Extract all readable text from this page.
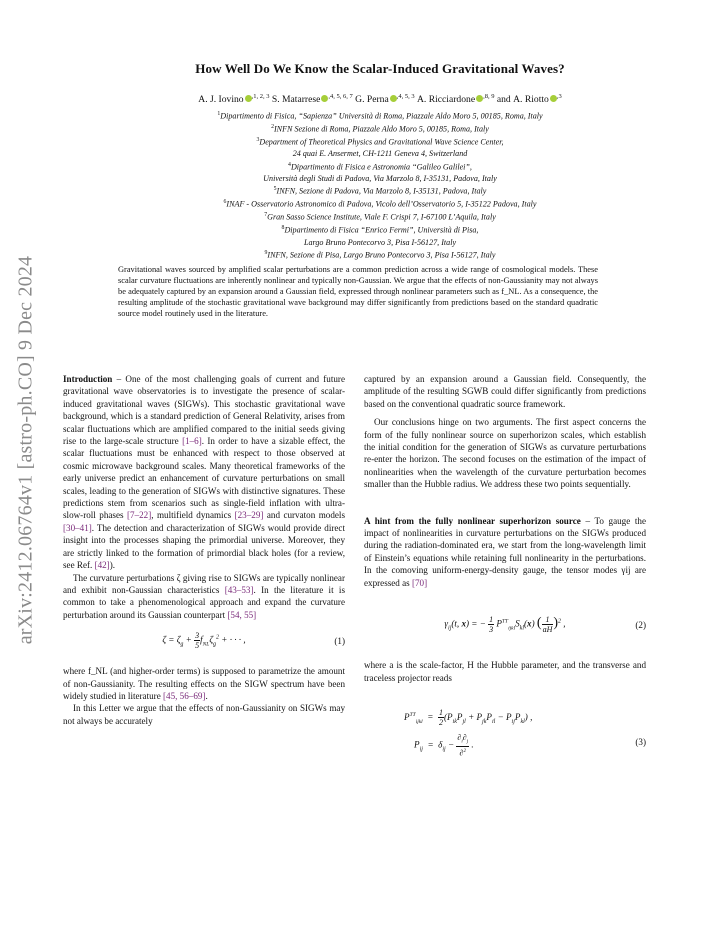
arXiv:2412.06764v1 [astro-ph.CO] 9 Dec 2024
How Well Do We Know the Scalar-Induced Gravitational Waves?
A. J. Iovino $^{,1, 2, 3}$ S. Matarrese $^{,4, 5, 6, 7}$ G. Perna $^{,4, 5, 3}$ A. Ricciardone $^{,8, 9}$ and A. Riotto $^{,3}$
$^1$Dipartimento di Fisica, “Sapienza” Università di Roma, Piazzale Aldo Moro 5, 00185, Roma, Italy
$^2$INFN Sezione di Roma, Piazzale Aldo Moro 5, 00185, Roma, Italy
$^3$Department of Theoretical Physics and Gravitational Wave Science Center,
24 quai E. Ansermet, CH-1211 Geneva 4, Switzerland
$^4$Dipartimento di Fisica e Astronomia “Galileo Galilei”,
Università degli Studi di Padova, Via Marzolo 8, I-35131, Padova, Italy
$^5$INFN, Sezione di Padova, Via Marzolo 8, I-35131, Padova, Italy
$^6$INAF - Osservatorio Astronomico di Padova, Vicolo dell’Osservatorio 5, I-35122 Padova, Italy
$^7$Gran Sasso Science Institute, Viale F. Crispi 7, I-67100 L’Aquila, Italy
$^8$Dipartimento di Fisica “Enrico Fermi”, Università di Pisa,
Largo Bruno Pontecorvo 3, Pisa I-56127, Italy
$^9$INFN, Sezione di Pisa, Largo Bruno Pontecorvo 3, Pisa I-56127, Italy
Gravitational waves sourced by amplified scalar perturbations are a common prediction across a wide range of cosmological models. These scalar curvature fluctuations are inherently nonlinear and typically non-Gaussian. We argue that the effects of non-Gaussianity may not always be adequately captured by an expansion around a Gaussian field, expressed through nonlinear parameters such as f_NL. As a consequence, the resulting amplitude of the stochastic gravitational wave background may differ significantly from predictions based on the standard quadratic source model routinely used in the literature.

Introduction – One of the most challenging goals of current and future gravitational wave observatories is to investigate the presence of scalar-induced gravitational waves (SIGWs). This stochastic gravitational wave background, which is a standard prediction of General Relativity, arises from scalar fluctuations which are amplified compared to the initial seeds giving rise to the large-scale structure [1–6]. In order to have a sizable effect, the scalar fluctuations must be enhanced with respect to those observed at cosmic microwave background scales. Many theoretical frameworks of the early universe predict an enhancement of curvature perturbations on small scales, leading to the generation of SIGWs with distinctive signatures. These predictions stem from scenarios such as single-field inflation with ultra-slow-roll phases [7–22], multifield dynamics [23–29] and curvaton models [30–41]. The detection and characterization of SIGWs would provide direct insight into the processes shaping the primordial universe. Moreover, they are strictly linked to the formation of primordial black holes (for a review, see Ref. [42]).

The curvature perturbations ζ giving rise to SIGWs are typically nonlinear and exhibit non-Gaussian characteristics [43–53]. In the literature it is common to take a phenomenological approach and expand the curvature perturbation around its Gaussian counterpart [54, 55]

$\zeta = \zeta_g + \frac{3}{5} f_{NL}\zeta_g^2$ + · · · ,	(1)

where f_NL (and higher-order terms) is supposed to parametrize the amount of non-Gaussianity. The resulting effects on the SIGW spectrum have been widely studied in literature [45, 56–69].

In this Letter we argue that the effects of non-Gaussianity on SIGWs may not always be accurately

captured by an expansion around a Gaussian field. Consequently, the amplitude of the resulting SGWB could differ significantly from predictions based on the conventional quadratic source framework.

Our conclusions hinge on two arguments. The first aspect concerns the form of the fully nonlinear source on superhorizon scales, which establish the initial condition for the generation of SIGWs as curvature perturbations re-enter the horizon. The second focuses on the estimation of the impact of nonlinearities when the wavelength of the curvature perturbation becomes smaller than the Hubble radius. We address these two points sequentially.

A hint from the fully nonlinear superhorizon source – To gauge the impact of nonlinearities in curvature perturbations on the SIGWs produced during the radiation-dominated era, we start from the long-wavelength limit of Einstein’s equations while retaining full nonlinearity in the perturbations. In the comoving uniform-energy-density gauge, the tensor modes γij are expressed as [70]

$\gamma_{ij}(t$, x) = − $\frac{1}{3} P^{TT}_{ijkl}S_{kl}(x)$ ( $\frac{1}{aH} )^2$ ,	(2)

where a is the scale-factor, H the Hubble parameter, and the transverse and traceless projector reads

$P^{TT}_{ijkl} = \frac{1}{2} (P_{ik}P_{jl} + P_{jk}P_{il} - P_{ij}P_{kl})$ ,
$P_{ij} = \delta_{ij} - \frac{\partial_i\partial_j}{\partial^2}$ .	(3)
